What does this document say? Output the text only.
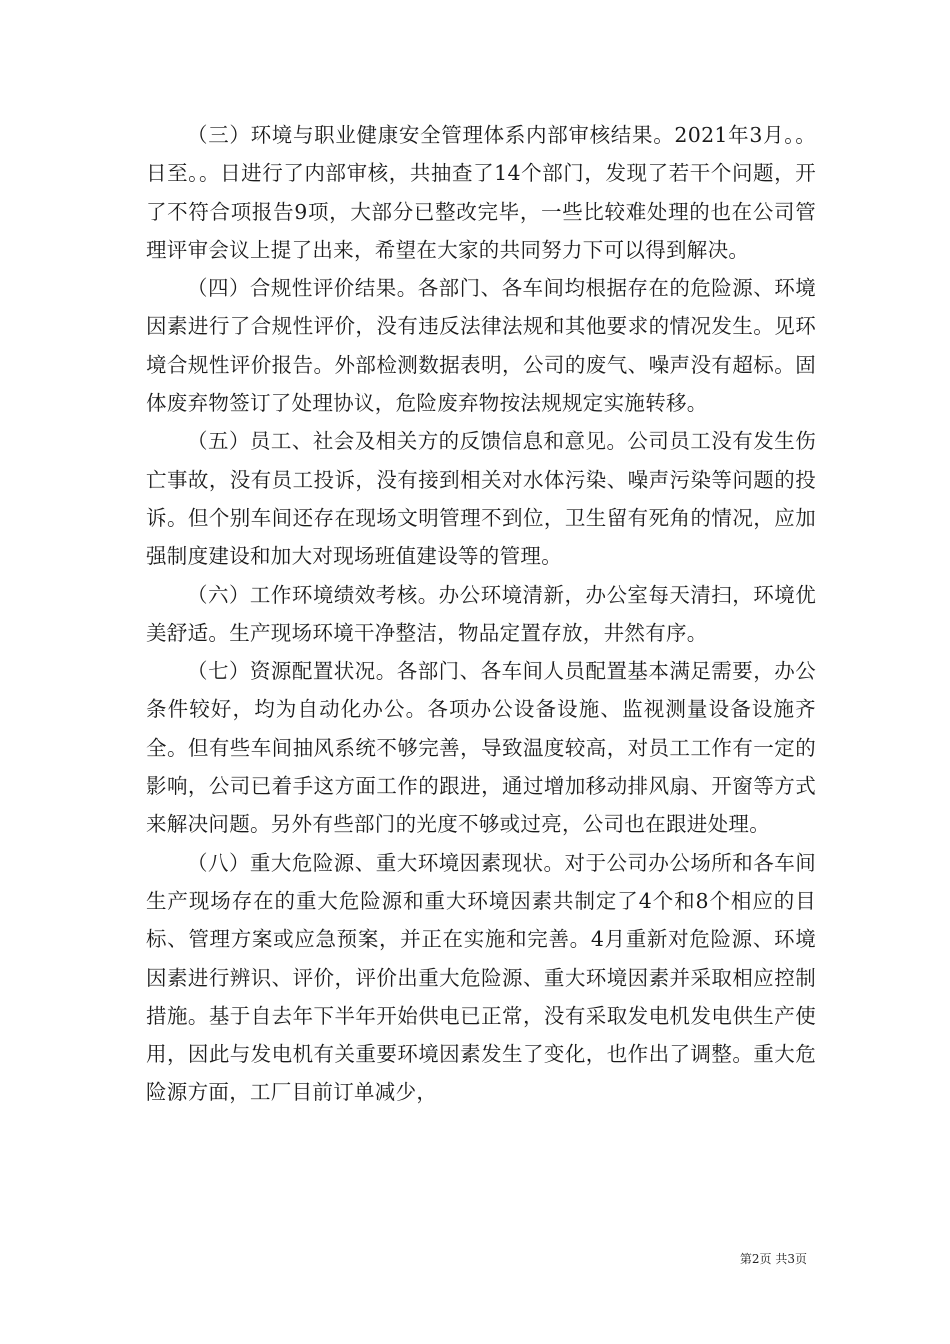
（三）环境与职业健康安全管理体系内部审核结果。2021年3月。。日至。。日进行了内部审核，共抽查了14个部门，发现了若干个问题，开了不符合项报告9项，大部分已整改完毕，一些比较难处理的也在公司管理评审会议上提了出来，希望在大家的共同努力下可以得到解决。

（四）合规性评价结果。各部门、各车间均根据存在的危险源、环境因素进行了合规性评价，没有违反法律法规和其他要求的情况发生。见环境合规性评价报告。外部检测数据表明，公司的废气、噪声没有超标。固体废弃物签订了处理协议，危险废弃物按法规规定实施转移。

（五）员工、社会及相关方的反馈信息和意见。公司员工没有发生伤亡事故，没有员工投诉，没有接到相关对水体污染、噪声污染等问题的投诉。但个别车间还存在现场文明管理不到位，卫生留有死角的情况，应加强制度建设和加大对现场班值建设等的管理。

（六）工作环境绩效考核。办公环境清新，办公室每天清扫，环境优美舒适。生产现场环境干净整洁，物品定置存放，井然有序。

（七）资源配置状况。各部门、各车间人员配置基本满足需要，办公条件较好，均为自动化办公。各项办公设备设施、监视测量设备设施齐全。但有些车间抽风系统不够完善，导致温度较高，对员工工作有一定的影响，公司已着手这方面工作的跟进，通过增加移动排风扇、开窗等方式来解决问题。另外有些部门的光度不够或过亮，公司也在跟进处理。

（八）重大危险源、重大环境因素现状。对于公司办公场所和各车间生产现场存在的重大危险源和重大环境因素共制定了4个和8个相应的目标、管理方案或应急预案，并正在实施和完善。4月重新对危险源、环境因素进行辨识、评价，评价出重大危险源、重大环境因素并采取相应控制措施。基于自去年下半年开始供电已正常，没有采取发电机发电供生产使用，因此与发电机有关重要环境因素发生了变化，也作出了调整。重大危险源方面，工厂目前订单减少，

第2页 共3页
